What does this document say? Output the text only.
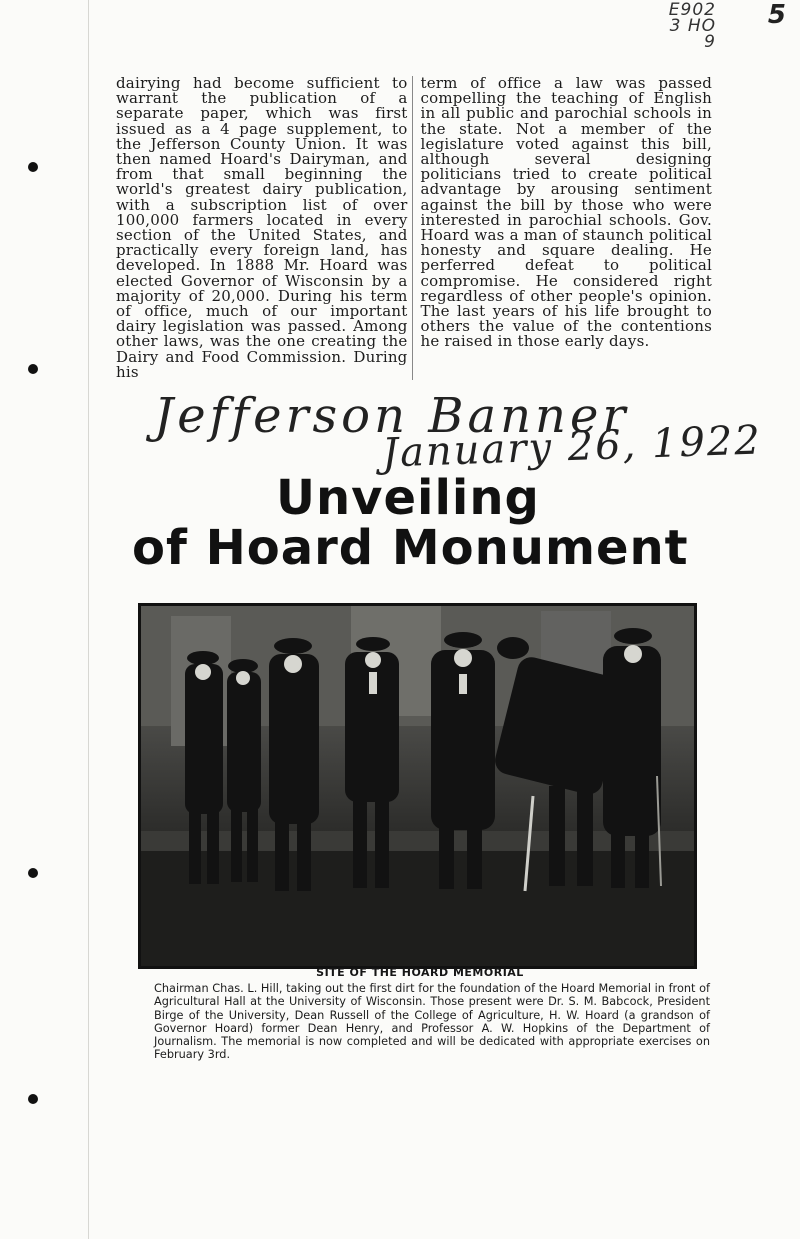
E902
3 HO
9
5
dairying had become sufficient to warrant the publication of a separate paper, which was first issued as a 4 page supplement, to the Jefferson County Union. It was then named Hoard's Dairyman, and from that small beginning the world's greatest dairy publication, with a subscription list of over 100,000 farmers located in every section of the United States, and practically every foreign land, has developed. In 1888 Mr. Hoard was elected Governor of Wisconsin by a majority of 20,000. During his term of office, much of our important dairy legislation was passed. Among other laws, was the one creating the Dairy and Food Commission. During his
term of office a law was passed compelling the teaching of English in all public and parochial schools in the state. Not a member of the legislature voted against this bill, although several designing politicians tried to create political advantage by arousing sentiment against the bill by those who were interested in parochial schools. Gov. Hoard was a man of staunch political honesty and square dealing. He perferred defeat to political compromise. He considered right regardless of other people's opinion. The last years of his life brought to others the value of the contentions he raised in those early days.
Jefferson Banner
January 26, 1922
Unveiling
of Hoard Monument
SITE OF THE HOARD MEMORIAL
Chairman Chas. L. Hill, taking out the first dirt for the foundation of the Hoard Memorial in front of Agricultural Hall at the University of Wisconsin. Those present were Dr. S. M. Babcock, President Birge of the University, Dean Russell of the College of Agriculture, H. W. Hoard (a grandson of Governor Hoard) former Dean Henry, and Professor A. W. Hopkins of the Department of Journalism. The memorial is now completed and will be dedicated with appropriate exercises on February 3rd.
